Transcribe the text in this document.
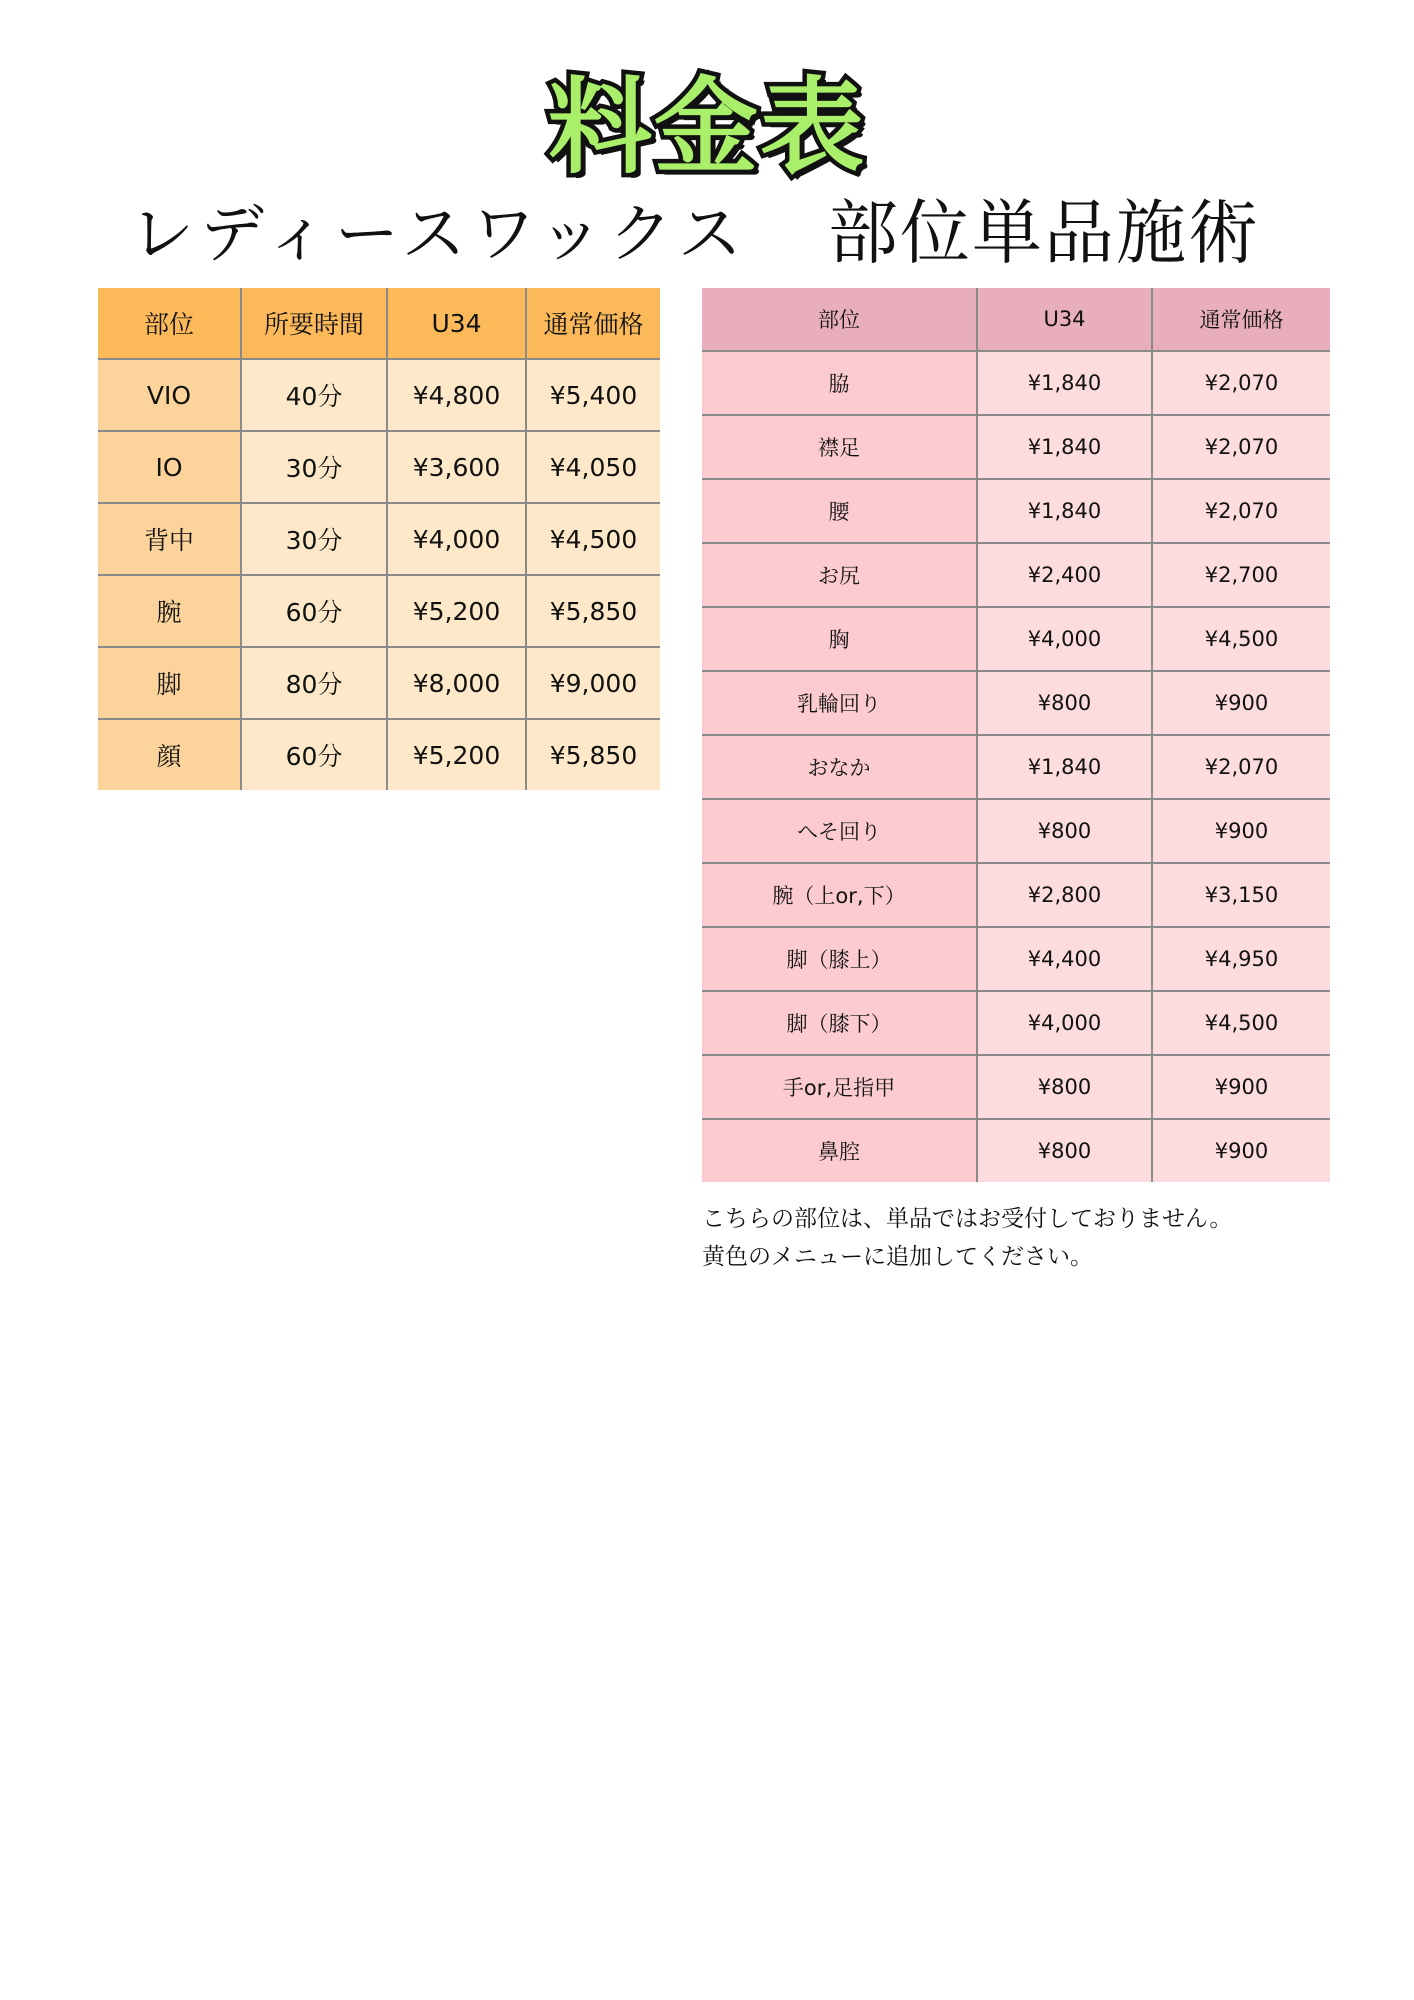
料金表
レディースワックス 部位単品施術
部位	所要時間	U34	通常価格
VIO	40分	¥4,800	¥5,400
IO	30分	¥3,600	¥4,050
背中	30分	¥4,000	¥4,500
腕	60分	¥5,200	¥5,850
脚	80分	¥8,000	¥9,000
顔	60分	¥5,200	¥5,850
部位	U34	通常価格
脇	¥1,840	¥2,070
襟足	¥1,840	¥2,070
腰	¥1,840	¥2,070
お尻	¥2,400	¥2,700
胸	¥4,000	¥4,500
乳輪回り	¥800	¥900
おなか	¥1,840	¥2,070
へそ回り	¥800	¥900
腕（上or,下）	¥2,800	¥3,150
脚（膝上）	¥4,400	¥4,950
脚（膝下）	¥4,000	¥4,500
手or,足指甲	¥800	¥900
鼻腔	¥800	¥900
こちらの部位は、単品ではお受付しておりません。
黄色のメニューに追加してください。
